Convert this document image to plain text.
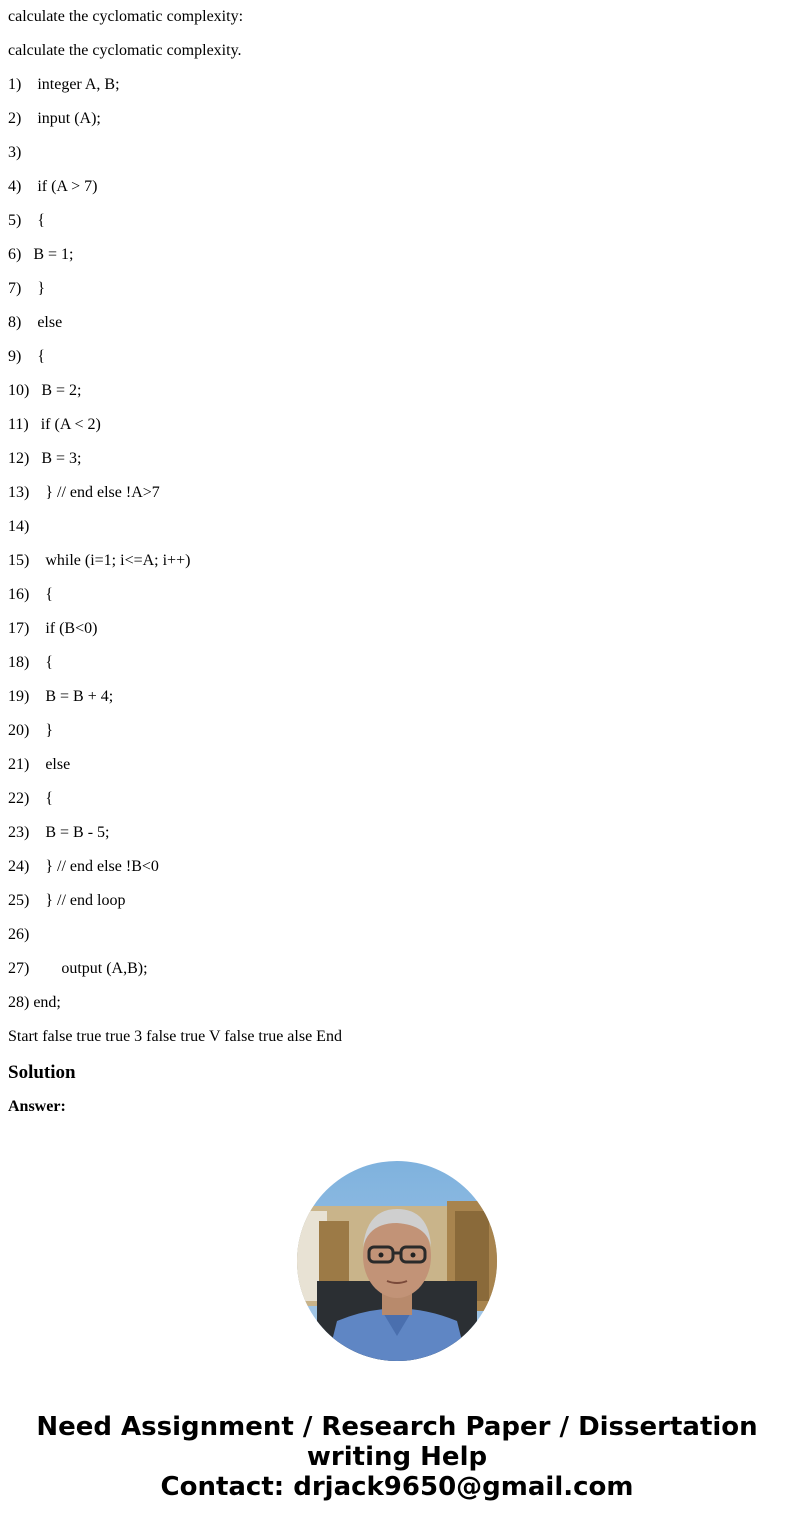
calculate the cyclomatic complexity:

calculate the cyclomatic complexity.

1)    integer A, B;

2)    input (A);

3)

4)    if (A > 7)

5)    {

6)   B = 1;

7)    }

8)    else

9)    {

10)   B = 2;

11)   if (A < 2)

12)   B = 3;

13)    } // end else !A>7

14)

15)    while (i=1; i<=A; i++)

16)    {

17)    if (B<0)

18)    {

19)    B = B + 4;

20)    }

21)    else

22)    {

23)    B = B - 5;

24)    } // end else !B<0

25)    } // end loop

26)

27)        output (A,B);

28) end;

Start false true true 3 false true V false true alse End

Solution

Answer:

Need Assignment / Research Paper / Dissertation
writing Help
Contact: drjack9650@gmail.com
